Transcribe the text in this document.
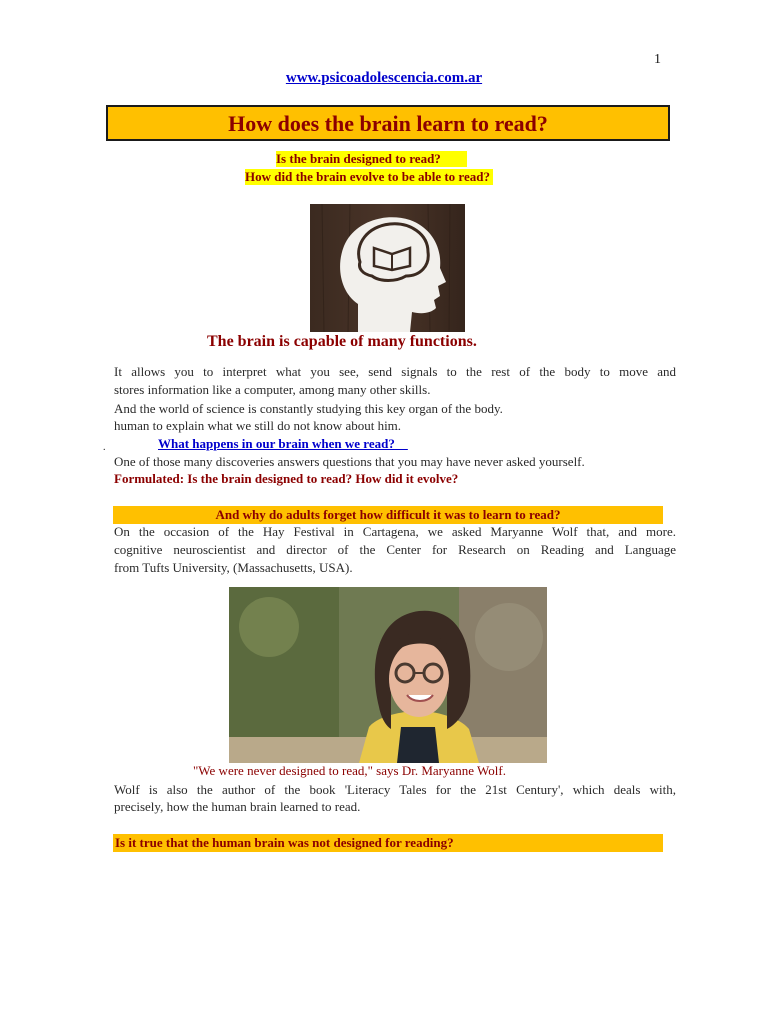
1
www.psicoadolescencia.com.ar
How does the brain learn to read?
Is the brain designed to read?
How did the brain evolve to be able to read?
The brain is capable of many functions.
It allows you to interpret what you see, send signals to the rest of the body to move and
stores information like a computer, among many other skills.
And the world of science is constantly studying this key organ of the body.
human to explain what we still do not know about him.
.	What happens in our brain when we read?
One of those many discoveries answers questions that you may have never asked yourself.
Formulated: Is the brain designed to read? How did it evolve?
And why do adults forget how difficult it was to learn to read?
On the occasion of the Hay Festival in Cartagena, we asked Maryanne Wolf that, and more.
cognitive neuroscientist and director of the Center for Research on Reading and Language
from Tufts University, (Massachusetts, USA).
"We were never designed to read," says Dr. Maryanne Wolf.
Wolf is also the author of the book 'Literacy Tales for the 21st Century', which deals with,
precisely, how the human brain learned to read.
Is it true that the human brain was not designed for reading?
